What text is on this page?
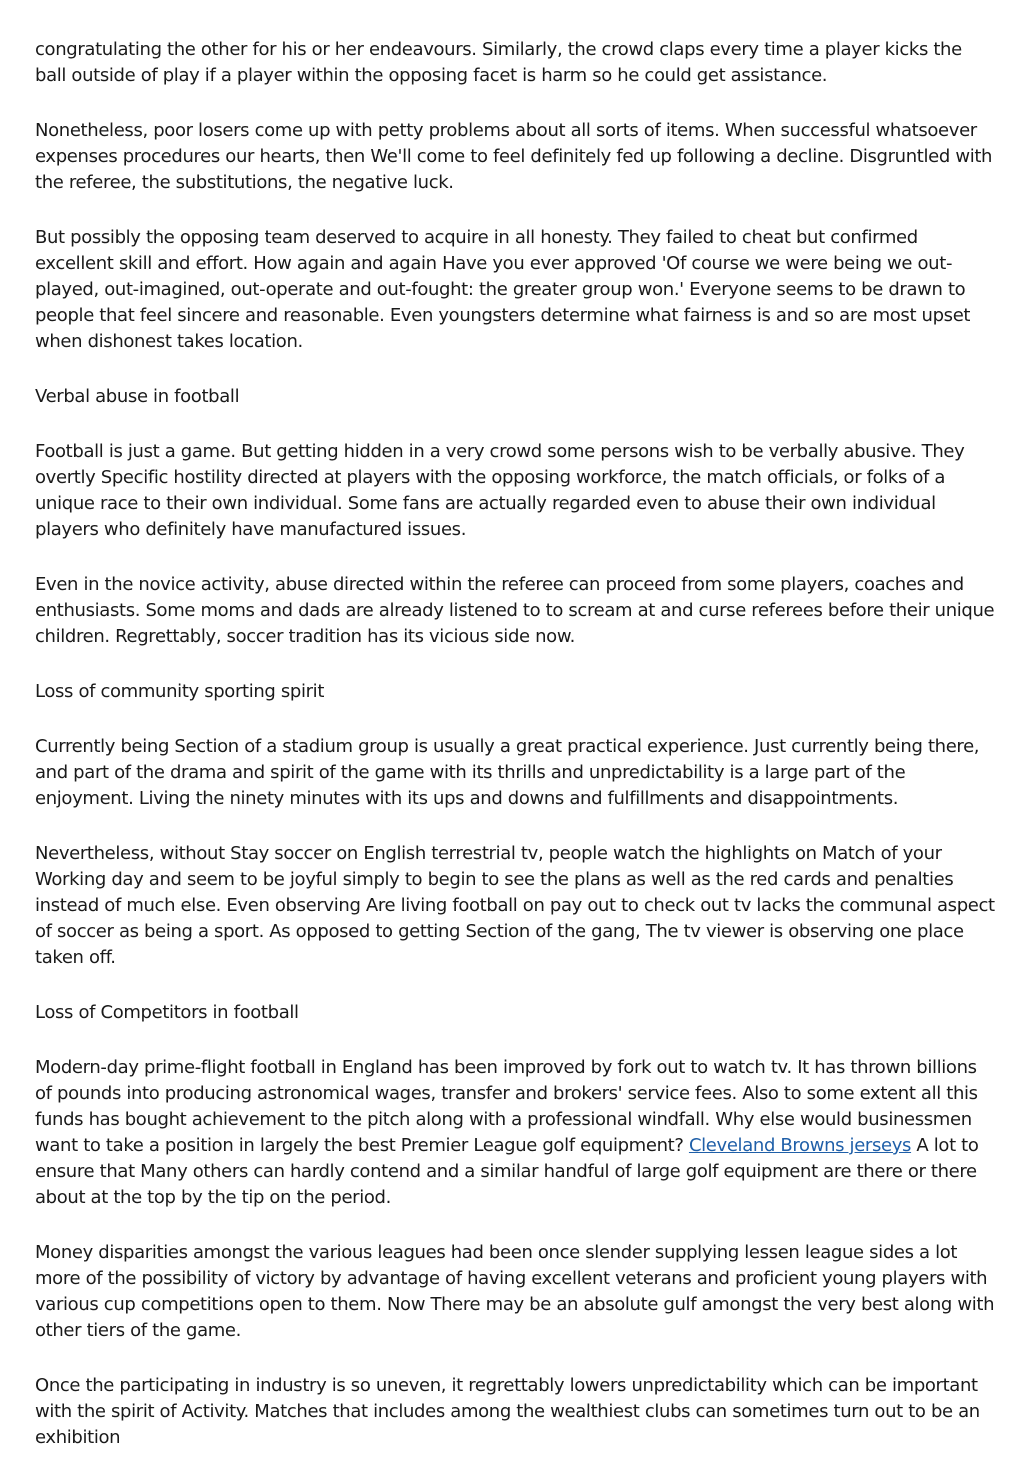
congratulating the other for his or her endeavours. Similarly, the crowd claps every time a player kicks the ball outside of play if a player within the opposing facet is harm so he could get assistance.

Nonetheless, poor losers come up with petty problems about all sorts of items. When successful whatsoever expenses procedures our hearts, then We'll come to feel definitely fed up following a decline. Disgruntled with the referee, the substitutions, the negative luck.

But possibly the opposing team deserved to acquire in all honesty. They failed to cheat but confirmed excellent skill and effort. How again and again Have you ever approved 'Of course we were being we out-played, out-imagined, out-operate and out-fought: the greater group won.' Everyone seems to be drawn to people that feel sincere and reasonable. Even youngsters determine what fairness is and so are most upset when dishonest takes location.

Verbal abuse in football

Football is just a game. But getting hidden in a very crowd some persons wish to be verbally abusive. They overtly Specific hostility directed at players with the opposing workforce, the match officials, or folks of a unique race to their own individual. Some fans are actually regarded even to abuse their own individual players who definitely have manufactured issues.

Even in the novice activity, abuse directed within the referee can proceed from some players, coaches and enthusiasts. Some moms and dads are already listened to to scream at and curse referees before their unique children. Regrettably, soccer tradition has its vicious side now.

Loss of community sporting spirit

Currently being Section of a stadium group is usually a great practical experience. Just currently being there, and part of the drama and spirit of the game with its thrills and unpredictability is a large part of the enjoyment. Living the ninety minutes with its ups and downs and fulfillments and disappointments.

Nevertheless, without Stay soccer on English terrestrial tv, people watch the highlights on Match of your Working day and seem to be joyful simply to begin to see the plans as well as the red cards and penalties instead of much else. Even observing Are living football on pay out to check out tv lacks the communal aspect of soccer as being a sport. As opposed to getting Section of the gang, The tv viewer is observing one place taken off.

Loss of Competitors in football

Modern-day prime-flight football in England has been improved by fork out to watch tv. It has thrown billions of pounds into producing astronomical wages, transfer and brokers' service fees. Also to some extent all this funds has bought achievement to the pitch along with a professional windfall. Why else would businessmen want to take a position in largely the best Premier League golf equipment? Cleveland Browns jerseys A lot to ensure that Many others can hardly contend and a similar handful of large golf equipment are there or there about at the top by the tip on the period.

Money disparities amongst the various leagues had been once slender supplying lessen league sides a lot more of the possibility of victory by advantage of having excellent veterans and proficient young players with various cup competitions open to them. Now There may be an absolute gulf amongst the very best along with other tiers of the game.

Once the participating in industry is so uneven, it regrettably lowers unpredictability which can be important with the spirit of Activity. Matches that includes among the wealthiest clubs can sometimes turn out to be an exhibition
